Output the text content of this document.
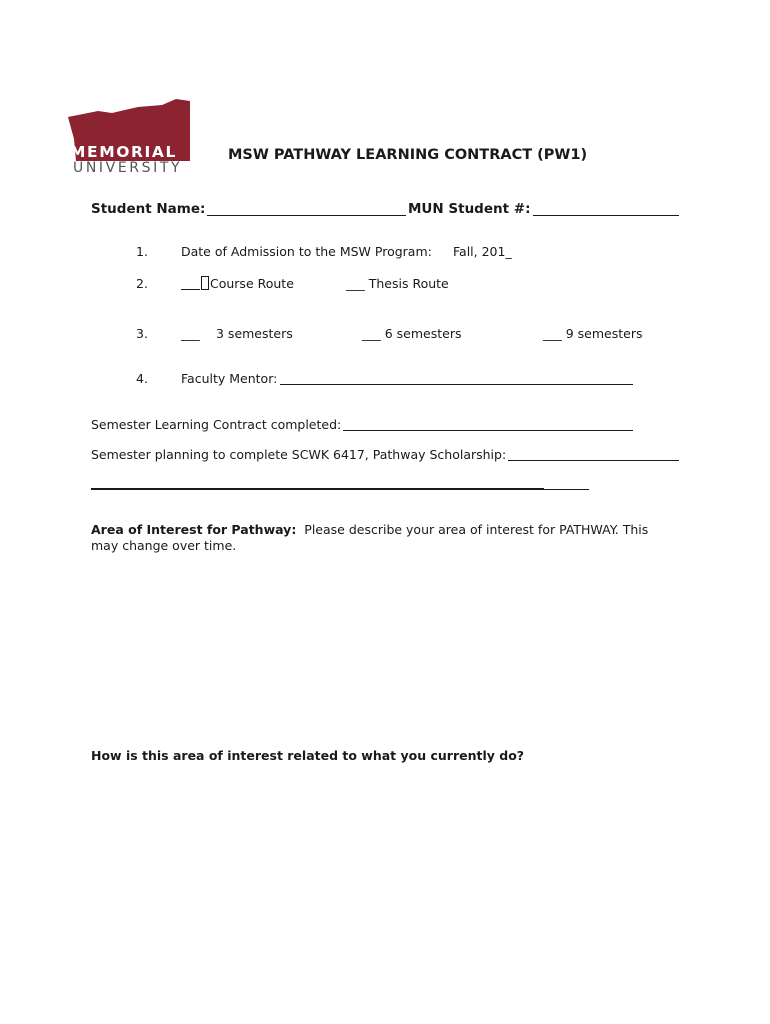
MEMORIAL
UNIVERSITY
MSW PATHWAY LEARNING CONTRACT (PW1)
Student Name:	MUN Student #:
1.	Date of Admission to the MSW Program: Fall, 201_
2.	Course Route	___ Thesis Route
3.	___ 3 semesters	___ 6 semesters	___ 9 semesters
4.	Faculty Mentor:
Semester Learning Contract completed:
Semester planning to complete SCWK 6417, Pathway Scholarship:
Area of Interest for Pathway: Please describe your area of interest for PATHWAY. This
may change over time.
How is this area of interest related to what you currently do?
